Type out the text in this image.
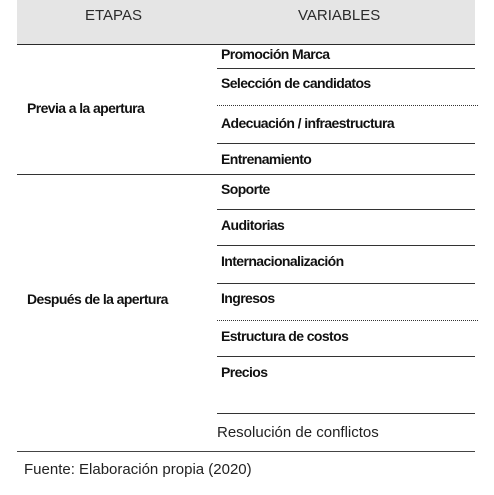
ETAPAS	VARIABLES
Previa a la apertura
Después de la apertura
Promoción Marca
Selección de candidatos
Adecuación / infraestructura
Entrenamiento
Soporte
Auditorias
Internacionalización
Ingresos
Estructura de costos
Precios
Resolución de conflictos
Fuente: Elaboración propia (2020)
